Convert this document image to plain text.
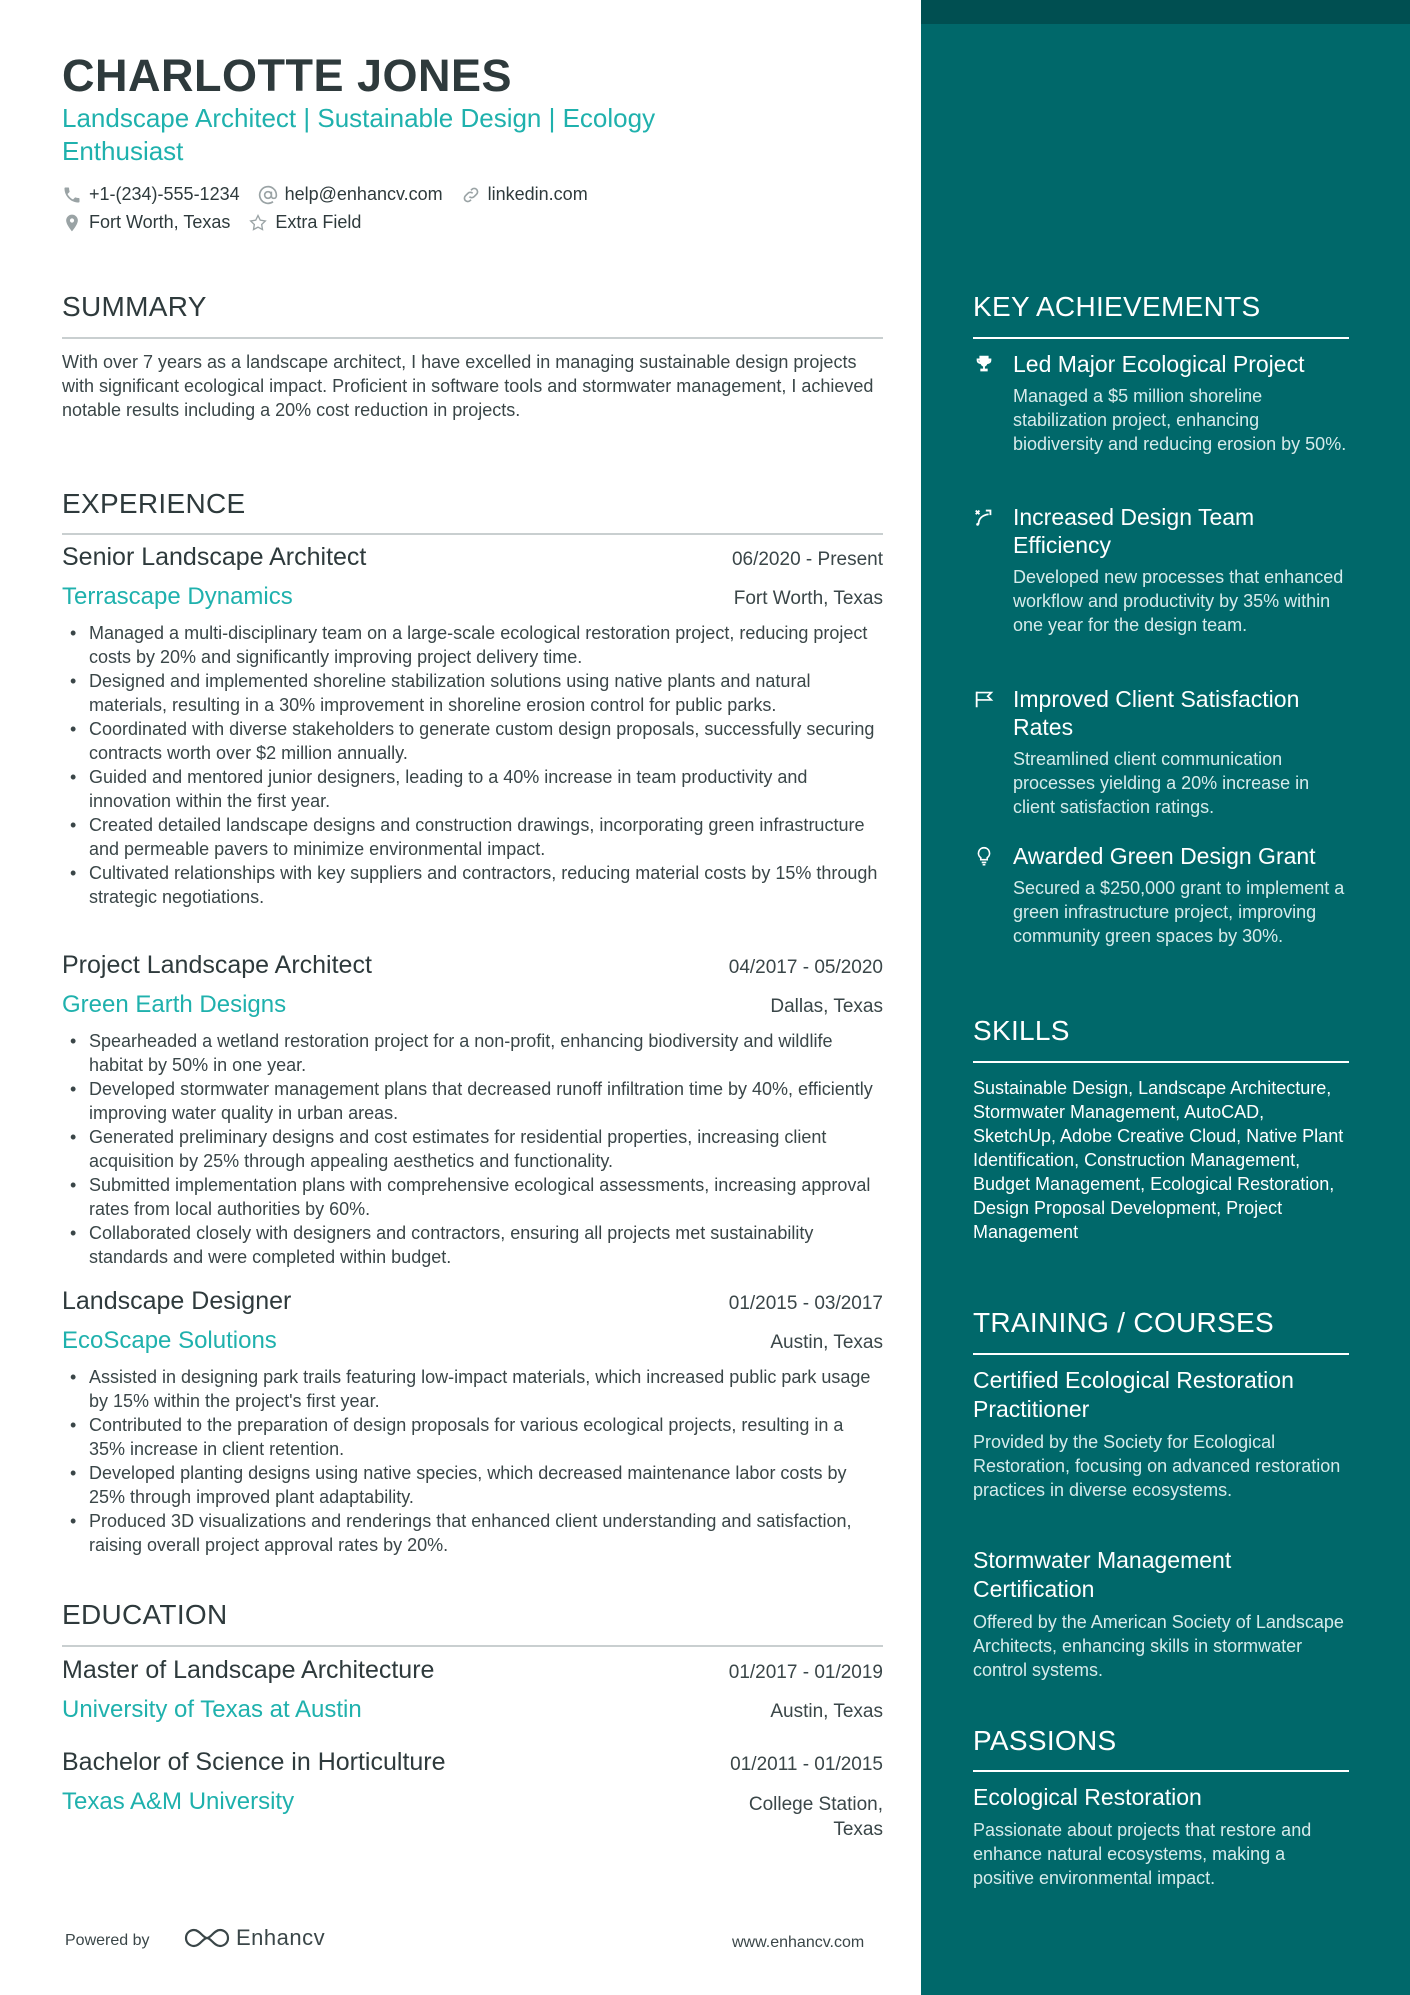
CHARLOTTE JONES
Landscape Architect | Sustainable Design | Ecology Enthusiast
+1-(234)-555-1234	help@enhancv.com	linkedin.com
Fort Worth, Texas	Extra Field
SUMMARY

With over 7 years as a landscape architect, I have excelled in managing sustainable design projects with significant ecological impact. Proficient in software tools and stormwater management, I achieved notable results including a 20% cost reduction in projects.

EXPERIENCE
Senior Landscape Architect	06/2020 - Present
Terrascape Dynamics	Fort Worth, Texas
• Managed a multi-disciplinary team on a large-scale ecological restoration project, reducing project costs by 20% and significantly improving project delivery time.
• Designed and implemented shoreline stabilization solutions using native plants and natural materials, resulting in a 30% improvement in shoreline erosion control for public parks.
• Coordinated with diverse stakeholders to generate custom design proposals, successfully securing contracts worth over $2 million annually.
• Guided and mentored junior designers, leading to a 40% increase in team productivity and innovation within the first year.
• Created detailed landscape designs and construction drawings, incorporating green infrastructure and permeable pavers to minimize environmental impact.
• Cultivated relationships with key suppliers and contractors, reducing material costs by 15% through strategic negotiations.
Project Landscape Architect	04/2017 - 05/2020
Green Earth Designs	Dallas, Texas
• Spearheaded a wetland restoration project for a non-profit, enhancing biodiversity and wildlife habitat by 50% in one year.
• Developed stormwater management plans that decreased runoff infiltration time by 40%, efficiently improving water quality in urban areas.
• Generated preliminary designs and cost estimates for residential properties, increasing client acquisition by 25% through appealing aesthetics and functionality.
• Submitted implementation plans with comprehensive ecological assessments, increasing approval rates from local authorities by 60%.
• Collaborated closely with designers and contractors, ensuring all projects met sustainability standards and were completed within budget.
Landscape Designer	01/2015 - 03/2017
EcoScape Solutions	Austin, Texas
• Assisted in designing park trails featuring low-impact materials, which increased public park usage by 15% within the project's first year.
• Contributed to the preparation of design proposals for various ecological projects, resulting in a 35% increase in client retention.
• Developed planting designs using native species, which decreased maintenance labor costs by 25% through improved plant adaptability.
• Produced 3D visualizations and renderings that enhanced client understanding and satisfaction, raising overall project approval rates by 20%.
EDUCATION
Master of Landscape Architecture	01/2017 - 01/2019
University of Texas at Austin	Austin, Texas
Bachelor of Science in Horticulture	01/2011 - 01/2015
Texas A&M University	College Station,
Texas
Powered by	Enhancv	www.enhancv.com
KEY ACHIEVEMENTS
Led Major Ecological Project
Managed a $5 million shoreline stabilization project, enhancing biodiversity and reducing erosion by 50%.
Increased Design Team Efficiency
Developed new processes that enhanced workflow and productivity by 35% within one year for the design team.
Improved Client Satisfaction Rates
Streamlined client communication processes yielding a 20% increase in client satisfaction ratings.
Awarded Green Design Grant
Secured a $250,000 grant to implement a green infrastructure project, improving community green spaces by 30%.
SKILLS

Sustainable Design, Landscape Architecture, Stormwater Management, AutoCAD, SketchUp, Adobe Creative Cloud, Native Plant Identification, Construction Management, Budget Management, Ecological Restoration, Design Proposal Development, Project Management

TRAINING / COURSES
Certified Ecological Restoration Practitioner
Provided by the Society for Ecological Restoration, focusing on advanced restoration practices in diverse ecosystems.
Stormwater Management Certification
Offered by the American Society of Landscape Architects, enhancing skills in stormwater control systems.
PASSIONS
Ecological Restoration
Passionate about projects that restore and enhance natural ecosystems, making a positive environmental impact.
